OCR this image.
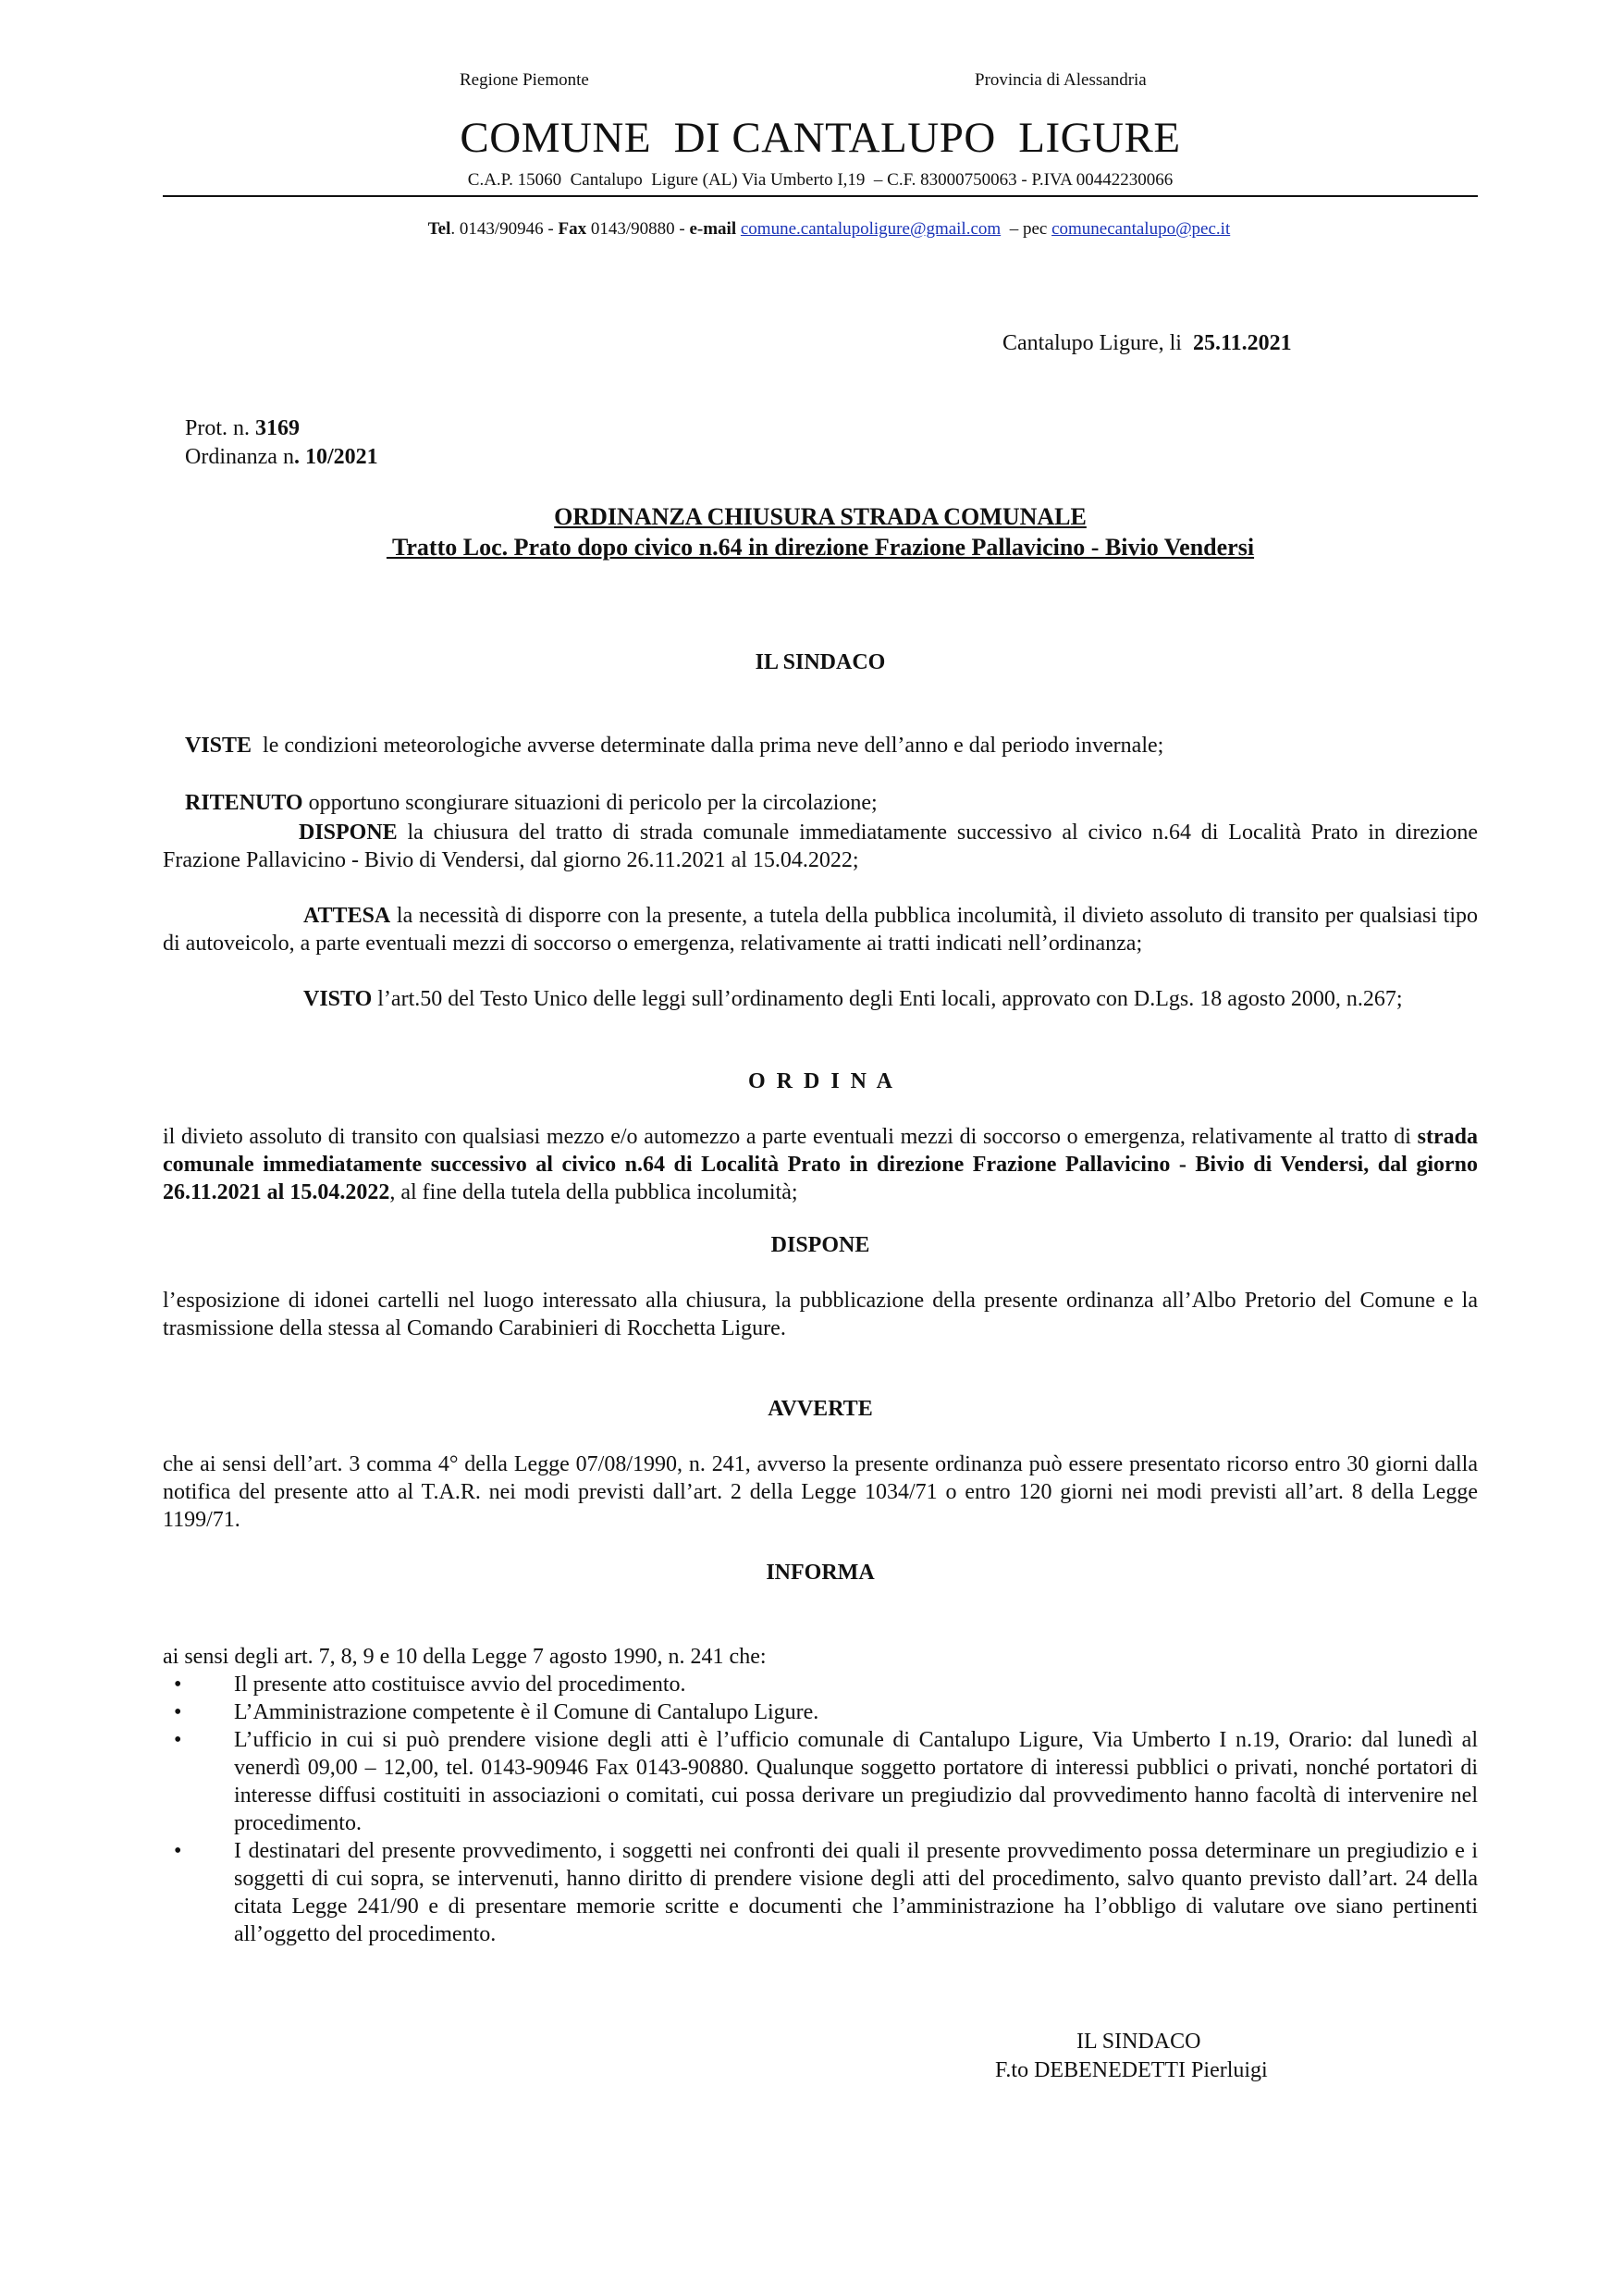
Regione Piemonte	Provincia di Alessandria
COMUNE  DI CANTALUPO  LIGURE
C.A.P. 15060  Cantalupo  Ligure (AL) Via Umberto I,19  – C.F. 83000750063 - P.IVA 00442230066

Tel. 0143/90946 - Fax 0143/90880 - e-mail comune.cantalupoligure@gmail.com  – pec comunecantalupo@pec.it

Cantalupo Ligure, li  25.11.2021

Prot. n. 3169

Ordinanza n. 10/2021

ORDINANZA CHIUSURA STRADA COMUNALE
Tratto Loc. Prato dopo civico n.64 in direzione Frazione Pallavicino - Bivio Vendersi
IL SINDACO

VISTE  le condizioni meteorologiche avverse determinate dalla prima neve dell’anno e dal periodo invernale;

RITENUTO opportuno scongiurare situazioni di pericolo per la circolazione;

DISPONE la chiusura del tratto di strada comunale immediatamente successivo al civico n.64 di Località Prato in direzione Frazione Pallavicino - Bivio di Vendersi, dal giorno 26.11.2021 al 15.04.2022;
ATTESA la necessità di disporre con la presente, a tutela della pubblica incolumità, il divieto assoluto di transito per qualsiasi tipo di autoveicolo, a parte eventuali mezzi di soccorso o emergenza, relativamente ai tratti indicati nell’ordinanza;
VISTO l’art.50 del Testo Unico delle leggi sull’ordinamento degli Enti locali, approvato con D.Lgs. 18 agosto 2000, n.267;
O  R  D  I  N  A
il divieto assoluto di transito con qualsiasi mezzo e/o automezzo a parte eventuali mezzi di soccorso o emergenza, relativamente al tratto di strada comunale immediatamente successivo al civico n.64 di Località Prato in direzione Frazione Pallavicino - Bivio di Vendersi, dal giorno 26.11.2021 al 15.04.2022, al fine della tutela della pubblica incolumità;
DISPONE
l’esposizione di idonei cartelli nel luogo interessato alla chiusura, la pubblicazione della presente ordinanza all’Albo Pretorio del Comune e la trasmissione della stessa al Comando Carabinieri di Rocchetta Ligure.
AVVERTE
che ai sensi dell’art. 3 comma 4° della Legge 07/08/1990, n. 241, avverso la presente ordinanza può essere presentato ricorso entro 30 giorni dalla notifica del presente atto al T.A.R. nei modi previsti dall’art. 2 della Legge 1034/71 o entro 120 giorni nei modi previsti all’art. 8 della Legge 1199/71.
INFORMA
ai sensi degli art. 7, 8, 9 e 10 della Legge 7 agosto 1990, n. 241 che:
• Il presente atto costituisce avvio del procedimento.
• L’Amministrazione competente è il Comune di Cantalupo Ligure.
• L’ufficio in cui si può prendere visione degli atti è l’ufficio comunale di Cantalupo Ligure, Via Umberto I n.19, Orario: dal lunedì al venerdì 09,00 – 12,00, tel. 0143-90946 Fax 0143-90880. Qualunque soggetto portatore di interessi pubblici o privati, nonché portatori di interesse diffusi costituiti in associazioni o comitati, cui possa derivare un pregiudizio dal provvedimento hanno facoltà di intervenire nel procedimento.
• I destinatari del presente provvedimento, i soggetti nei confronti dei quali il presente provvedimento possa determinare un pregiudizio e i soggetti di cui sopra, se intervenuti, hanno diritto di prendere visione degli atti del procedimento, salvo quanto previsto dall’art. 24 della citata Legge 241/90 e di presentare memorie scritte e documenti che l’amministrazione ha l’obbligo di valutare ove siano pertinenti all’oggetto del procedimento.
IL SINDACO
F.to DEBENEDETTI Pierluigi
